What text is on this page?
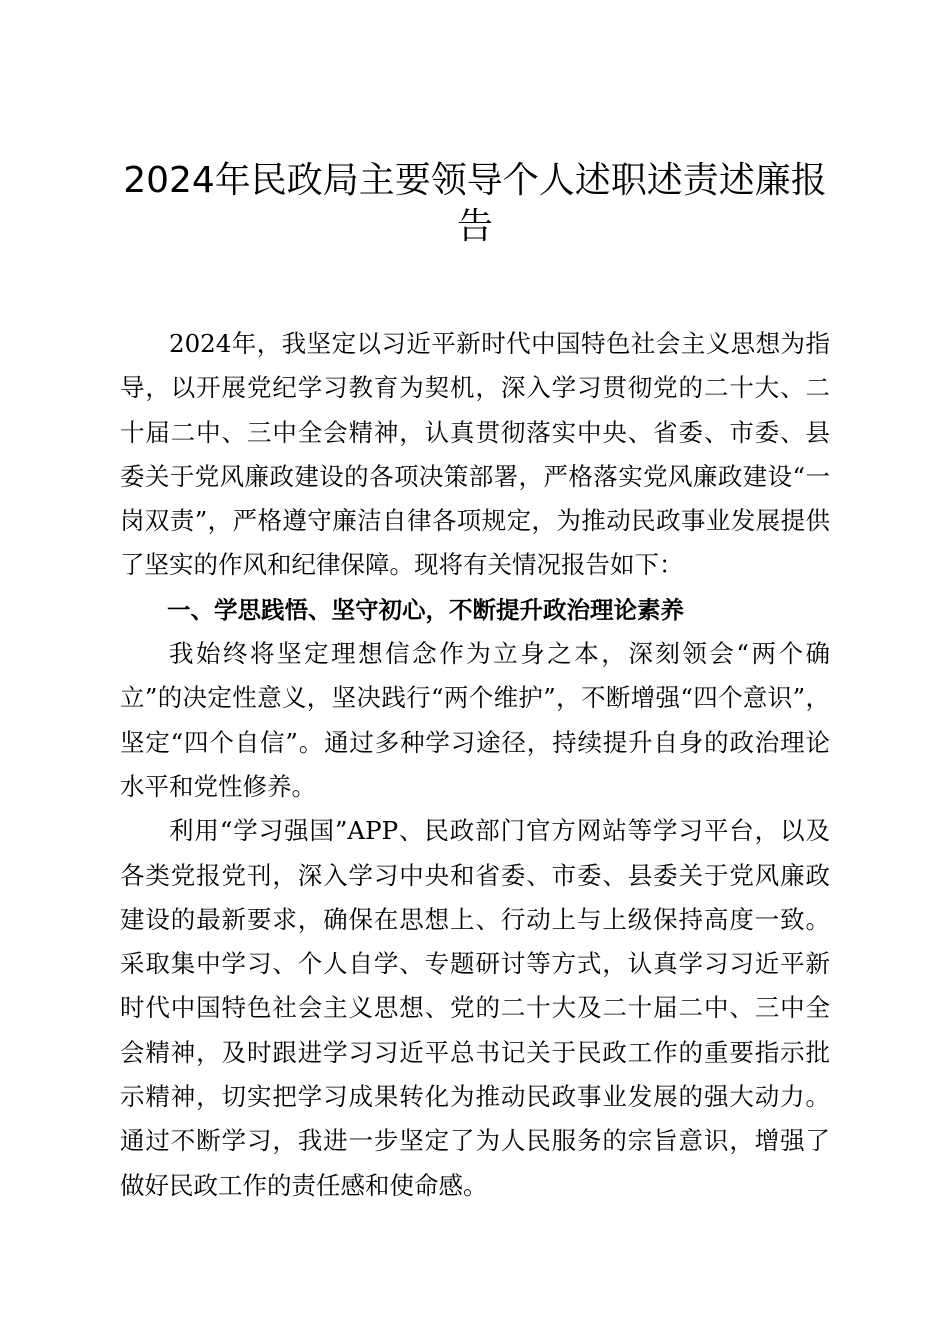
2024年民政局主要领导个人述职述责述廉报告

2024年，我坚定以习近平新时代中国特色社会主义思想为指导，以开展党纪学习教育为契机，深入学习贯彻党的二十大、二十届二中、三中全会精神，认真贯彻落实中央、省委、市委、县委关于党风廉政建设的各项决策部署，严格落实党风廉政建设“一岗双责”，严格遵守廉洁自律各项规定，为推动民政事业发展提供了坚实的作风和纪律保障。现将有关情况报告如下：

一、学思践悟、坚守初心，不断提升政治理论素养

我始终将坚定理想信念作为立身之本，深刻领会“两个确立”的决定性意义，坚决践行“两个维护”，不断增强“四个意识”，坚定“四个自信”。通过多种学习途径，持续提升自身的政治理论水平和党性修养。

利用“学习强国”APP、民政部门官方网站等学习平台，以及各类党报党刊，深入学习中央和省委、市委、县委关于党风廉政建设的最新要求，确保在思想上、行动上与上级保持高度一致。采取集中学习、个人自学、专题研讨等方式，认真学习习近平新时代中国特色社会主义思想、党的二十大及二十届二中、三中全会精神，及时跟进学习习近平总书记关于民政工作的重要指示批示精神，切实把学习成果转化为推动民政事业发展的强大动力。通过不断学习，我进一步坚定了为人民服务的宗旨意识，增强了做好民政工作的责任感和使命感。
